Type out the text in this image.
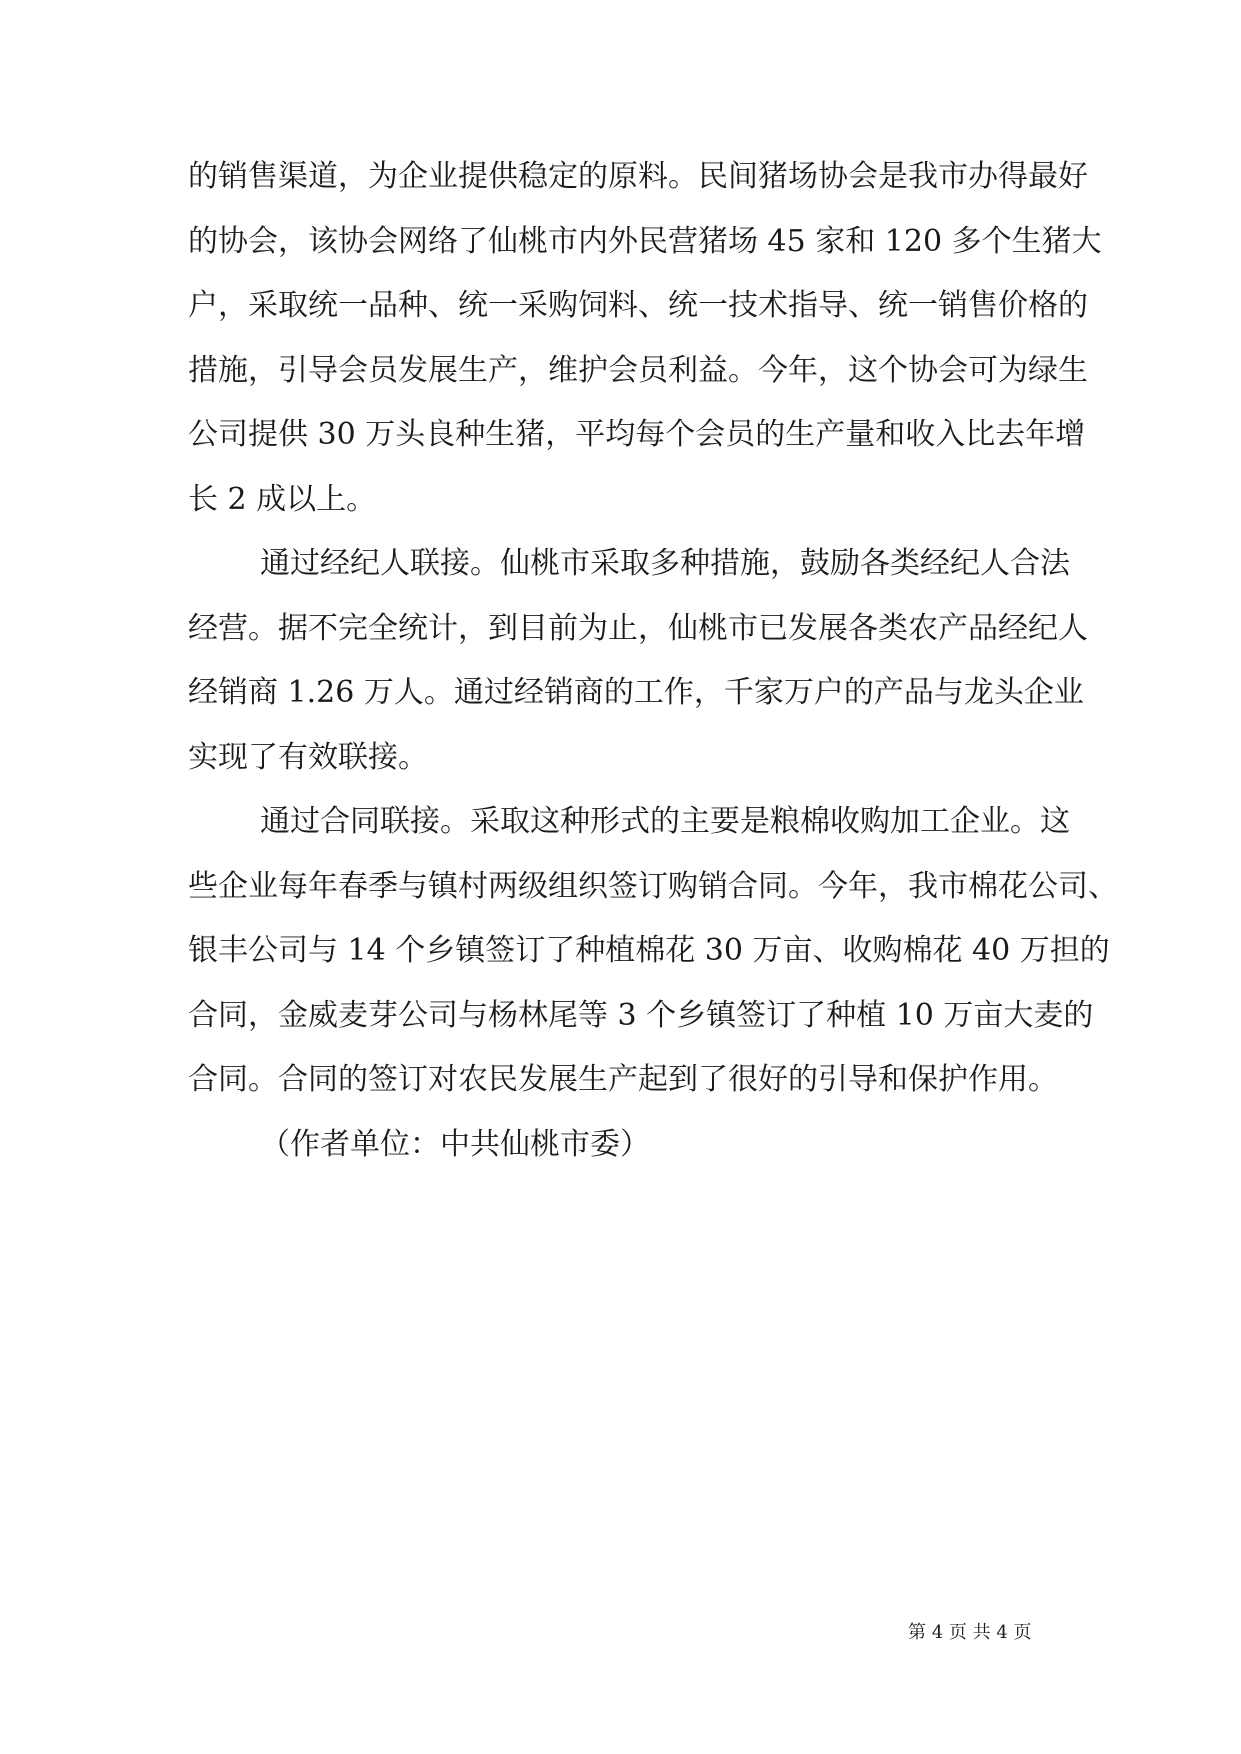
的销售渠道，为企业提供稳定的原料。民间猪场协会是我市办得最好
的协会，该协会网络了仙桃市内外民营猪场 45 家和 120 多个生猪大
户，采取统一品种、统一采购饲料、统一技术指导、统一销售价格的
措施，引导会员发展生产，维护会员利益。今年，这个协会可为绿生
公司提供 30 万头良种生猪，平均每个会员的生产量和收入比去年增
长 2 成以上。
通过经纪人联接。仙桃市采取多种措施，鼓励各类经纪人合法
经营。据不完全统计，到目前为止，仙桃市已发展各类农产品经纪人
经销商 1.26 万人。通过经销商的工作，千家万户的产品与龙头企业
实现了有效联接。
通过合同联接。采取这种形式的主要是粮棉收购加工企业。这
些企业每年春季与镇村两级组织签订购销合同。今年，我市棉花公司、
银丰公司与 14 个乡镇签订了种植棉花 30 万亩、收购棉花 40 万担的
合同，金威麦芽公司与杨林尾等 3 个乡镇签订了种植 10 万亩大麦的
合同。合同的签订对农民发展生产起到了很好的引导和保护作用。
（作者单位：中共仙桃市委）
第 4 页 共 4 页
